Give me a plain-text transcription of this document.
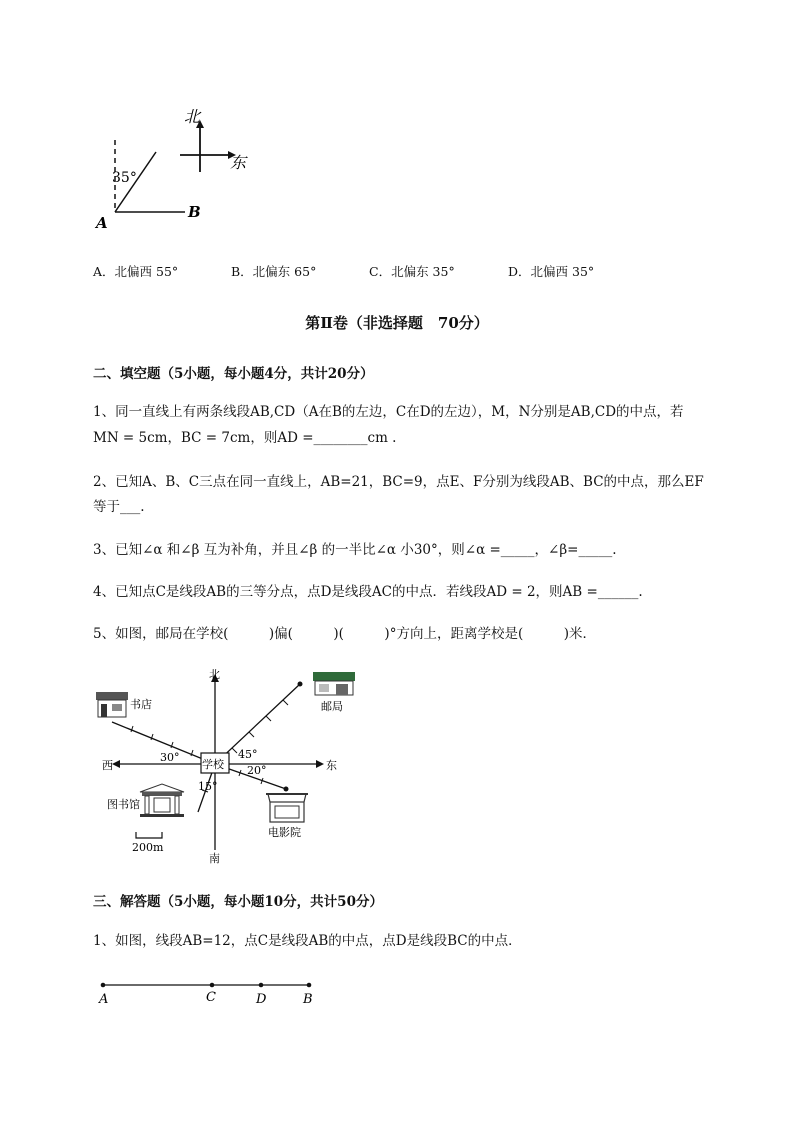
北
东
35°
A
B
A．北偏西 55°	B．北偏东 65°	C．北偏东 35°	D．北偏西 35°
第Ⅱ卷（非选择题　70分）
二、填空题（5小题，每小题4分，共计20分）
1、同一直线上有两条线段AB,CD（A在B的左边，C在D的左边），M，N分别是AB,CD的中点，若
MN = 5cm，BC = 7cm，则AD =________cm .
2、已知A、B、C三点在同一直线上，AB=21，BC=9，点E、F分别为线段AB、BC的中点，那么EF
等于___.
3、已知∠α 和∠β 互为补角，并且∠β 的一半比∠α 小30°，则∠α =_____，∠β=_____.
4、已知点C是线段AB的三等分点，点D是线段AC的中点．若线段AD = 2，则AB =______.
5、如图，邮局在学校(　　　)偏(　　　)(　　　)°方向上，距离学校是(　　　)米．
北
南
西	东
学校
30°	45°
20°
15°
书店	邮局
图书馆
电影院
200m
三、解答题（5小题，每小题10分，共计50分）
1、如图，线段AB=12，点C是线段AB的中点，点D是线段BC的中点．
A	C	D	B
